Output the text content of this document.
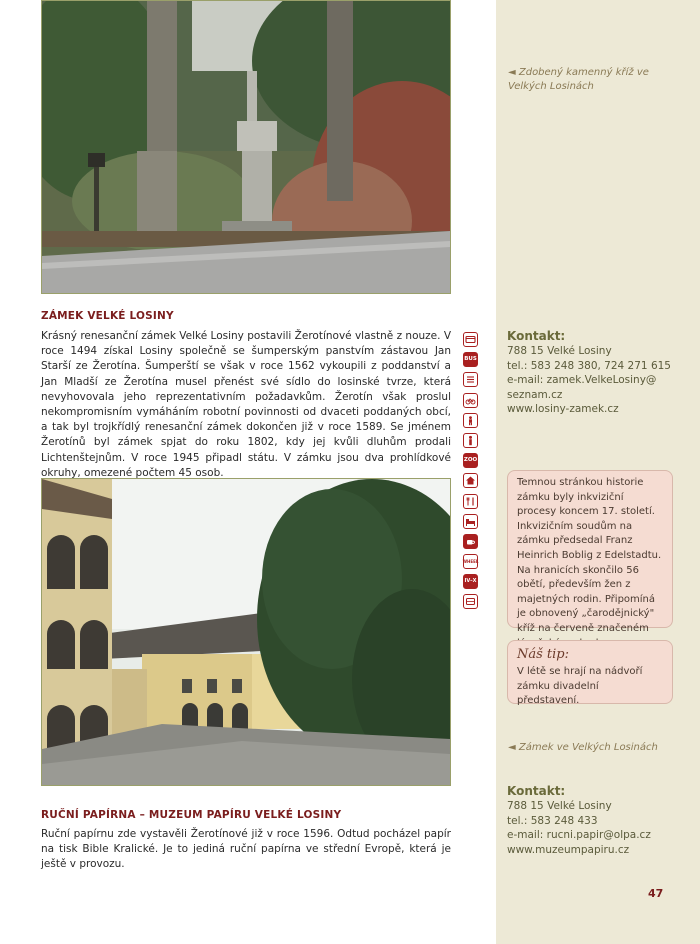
◄ Zdobený kamenný kříž ve Velkých Losinách
ZÁMEK VELKÉ LOSINY

Krásný renesanční zámek Velké Losiny postavili Žerotínové vlastně z nouze. V roce 1494 získal Losiny společně se šumperským panstvím zástavou Jan Starší ze Žerotína. Šumperští se však v roce 1562 vykoupili z poddanství a Jan Mladší ze Žerotína musel přenést své sídlo do losinské tvrze, která nevyhovovala jeho reprezentativním požadavkům. Žerotín však proslul nekompromisním vymáháním robotní povinnosti od dvaceti poddaných obcí, a tak byl trojkřídlý renesanční zámek dokončen již v roce 1589. Se jménem Žerotínů byl zámek spjat do roku 1802, kdy jej kvůli dluhům prodali Lichtenštejnům. V roce 1945 připadl státu. V zámku jsou dva prohlídkové okruhy, omezené počtem 45 osob.

Kontakt:
788 15 Velké Losiny
tel.: 583 248 380, 724 271 615
e-mail: zamek.VelkeLosiny@
seznam.cz
www.losiny-zamek.cz
BUS
ZOO
WHEEL
IV–X
Temnou stránkou historie zámku byly inkviziční procesy koncem 17. století. Inkvizičním soudům na zámku předsedal Franz Heinrich Boblig z Edelstadtu. Na hranicích skončilo 56 obětí, především žen z majetných rodin. Připomíná je obnovený „čarodějnický" kříž na červeně značeném
Náš tip:
V létě se hrají na nádvoří zámku divadelní představení.
◄ Zámek ve Velkých Losinách
RUČNÍ PAPÍRNA – MUZEUM PAPÍRU VELKÉ LOSINY

Ruční papírnu zde vystavěli Žerotínové již v roce 1596. Odtud pocházel papír na tisk Bible Kralické. Je to jediná ruční papírna ve střední Evropě, která je ještě v provozu.

Kontakt:
788 15 Velké Losiny
tel.: 583 248 433
e-mail: rucni.papir@olpa.cz
www.muzeumpapiru.cz
47
